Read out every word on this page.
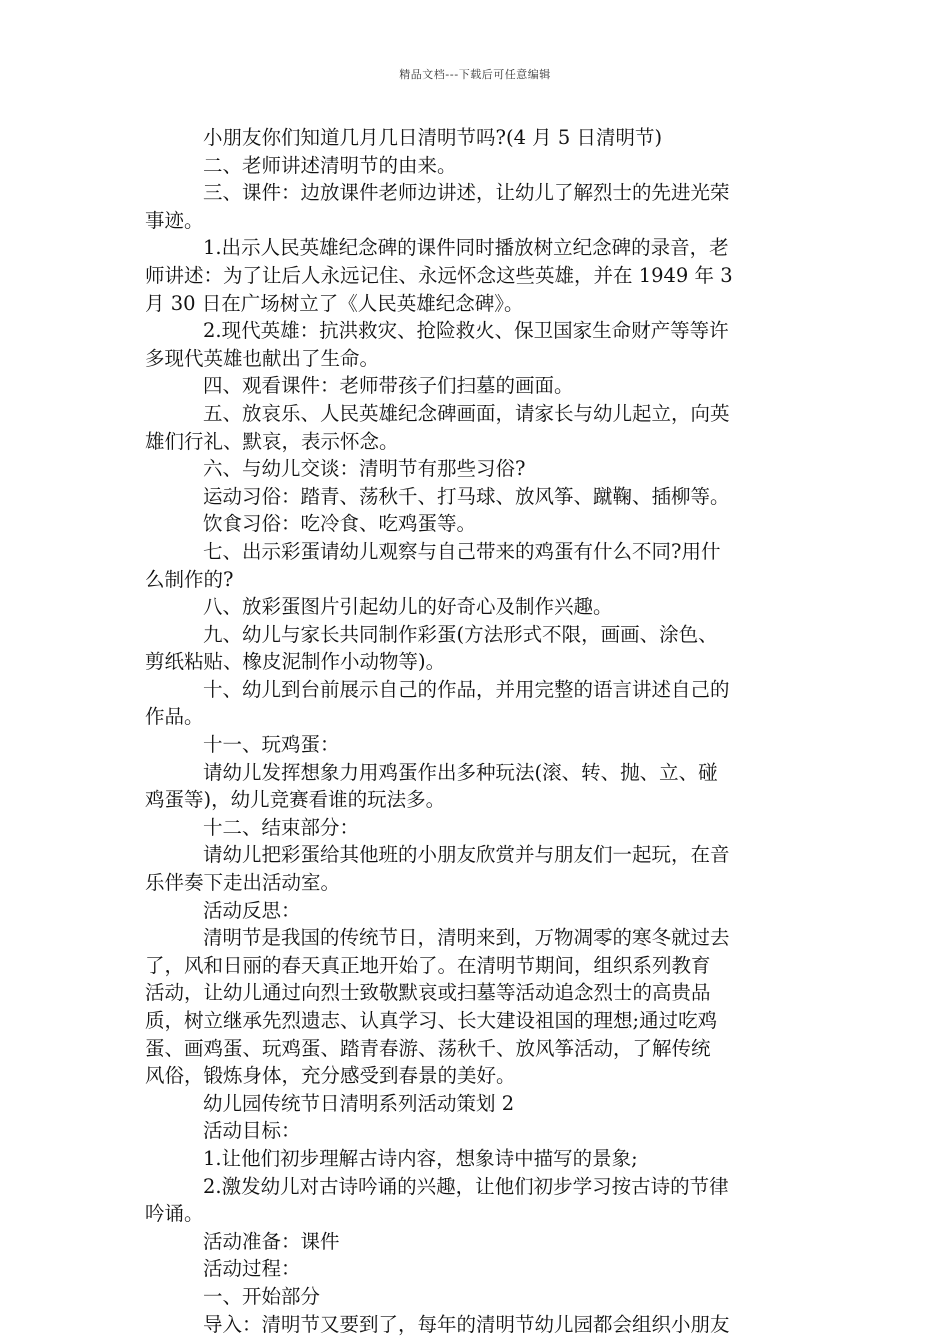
精品文档---下载后可任意编辑
小朋友你们知道几月几日清明节吗?(4 月 5 日清明节)
二、老师讲述清明节的由来。
三、课件：边放课件老师边讲述，让幼儿了解烈士的先进光荣
事迹。
1.出示人民英雄纪念碑的课件同时播放树立纪念碑的录音，老
师讲述：为了让后人永远记住、永远怀念这些英雄，并在 1949 年 3
月 30 日在广场树立了《人民英雄纪念碑》。
2.现代英雄：抗洪救灾、抢险救火、保卫国家生命财产等等许
多现代英雄也献出了生命。
四、观看课件：老师带孩子们扫墓的画面。
五、放哀乐、人民英雄纪念碑画面，请家长与幼儿起立，向英
雄们行礼、默哀，表示怀念。
六、与幼儿交谈：清明节有那些习俗?
运动习俗：踏青、荡秋千、打马球、放风筝、蹴鞠、插柳等。
饮食习俗：吃冷食、吃鸡蛋等。
七、出示彩蛋请幼儿观察与自己带来的鸡蛋有什么不同?用什
么制作的?
八、放彩蛋图片引起幼儿的好奇心及制作兴趣。
九、幼儿与家长共同制作彩蛋(方法形式不限，画画、涂色、
剪纸粘贴、橡皮泥制作小动物等)。
十、幼儿到台前展示自己的作品，并用完整的语言讲述自己的
作品。
十一、玩鸡蛋：
请幼儿发挥想象力用鸡蛋作出多种玩法(滚、转、抛、立、碰
鸡蛋等)，幼儿竞赛看谁的玩法多。
十二、结束部分：
请幼儿把彩蛋给其他班的小朋友欣赏并与朋友们一起玩，在音
乐伴奏下走出活动室。
活动反思：
清明节是我国的传统节日，清明来到，万物凋零的寒冬就过去
了，风和日丽的春天真正地开始了。在清明节期间，组织系列教育
活动，让幼儿通过向烈士致敬默哀或扫墓等活动追念烈士的高贵品
质，树立继承先烈遗志、认真学习、长大建设祖国的理想;通过吃鸡
蛋、画鸡蛋、玩鸡蛋、踏青春游、荡秋千、放风筝活动，了解传统
风俗，锻炼身体，充分感受到春景的美好。
幼儿园传统节日清明系列活动策划 2
活动目标：
1.让他们初步理解古诗内容，想象诗中描写的景象;
2.激发幼儿对古诗吟诵的兴趣，让他们初步学习按古诗的节律
吟诵。
活动准备：课件
活动过程：
一、开始部分
导入：清明节又要到了，每年的清明节幼儿园都会组织小朋友
